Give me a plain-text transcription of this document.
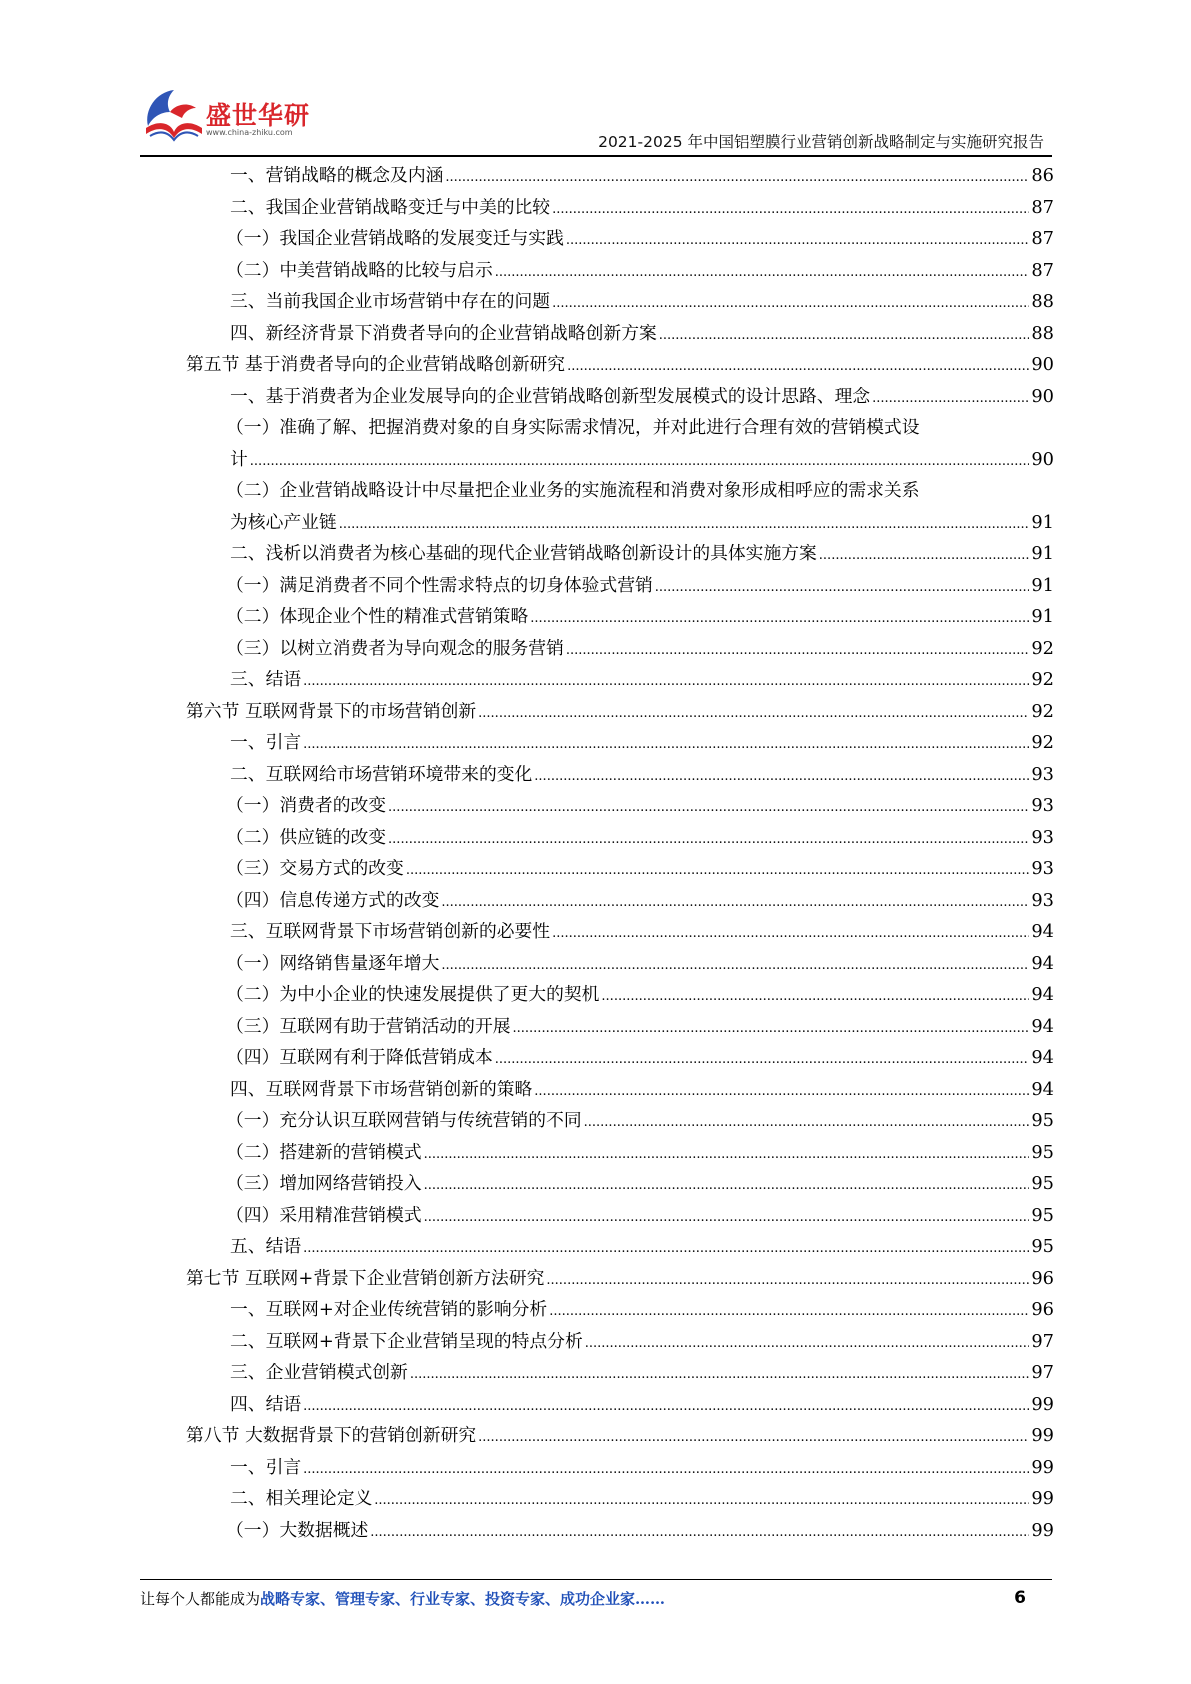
盛世华研
www.china-zhiku.com
2021-2025 年中国铝塑膜行业营销创新战略制定与实施研究报告
一、营销战略的概念及内涵 .....	86
二、我国企业营销战略变迁与中美的比较 .....	87
（一）我国企业营销战略的发展变迁与实践 .....	87
（二）中美营销战略的比较与启示 .....	87
三、当前我国企业市场营销中存在的问题 .....	88
四、新经济背景下消费者导向的企业营销战略创新方案 .....	88
第五节 基于消费者导向的企业营销战略创新研究 .....	90
一、基于消费者为企业发展导向的企业营销战略创新型发展模式的设计思路、理念 .....	90
（一）准确了解、把握消费对象的自身实际需求情况，并对此进行合理有效的营销模式设
计 .....	90
（二）企业营销战略设计中尽量把企业业务的实施流程和消费对象形成相呼应的需求关系
为核心产业链 .....	91
二、浅析以消费者为核心基础的现代企业营销战略创新设计的具体实施方案 .....	91
（一）满足消费者不同个性需求特点的切身体验式营销 .....	91
（二）体现企业个性的精准式营销策略 .....	91
（三）以树立消费者为导向观念的服务营销 .....	92
三、结语 .....	92
第六节 互联网背景下的市场营销创新 .....	92
一、引言 .....	92
二、互联网给市场营销环境带来的变化 .....	93
（一）消费者的改变 .....	93
（二）供应链的改变 .....	93
（三）交易方式的改变 .....	93
（四）信息传递方式的改变 .....	93
三、互联网背景下市场营销创新的必要性 .....	94
（一）网络销售量逐年增大 .....	94
（二）为中小企业的快速发展提供了更大的契机 .....	94
（三）互联网有助于营销活动的开展 .....	94
（四）互联网有利于降低营销成本 .....	94
四、互联网背景下市场营销创新的策略 .....	94
（一）充分认识互联网营销与传统营销的不同 .....	95
（二）搭建新的营销模式 .....	95
（三）增加网络营销投入 .....	95
（四）采用精准营销模式 .....	95
五、结语 .....	95
第七节 互联网+背景下企业营销创新方法研究 .....	96
一、互联网+对企业传统营销的影响分析 .....	96
二、互联网+背景下企业营销呈现的特点分析 .....	97
三、企业营销模式创新 .....	97
四、结语 .....	99
第八节 大数据背景下的营销创新研究 .....	99
一、引言 .....	99
二、相关理论定义 .....	99
（一）大数据概述 .....	99
让每个人都能成为战略专家、管理专家、行业专家、投资专家、成功企业家……	6
